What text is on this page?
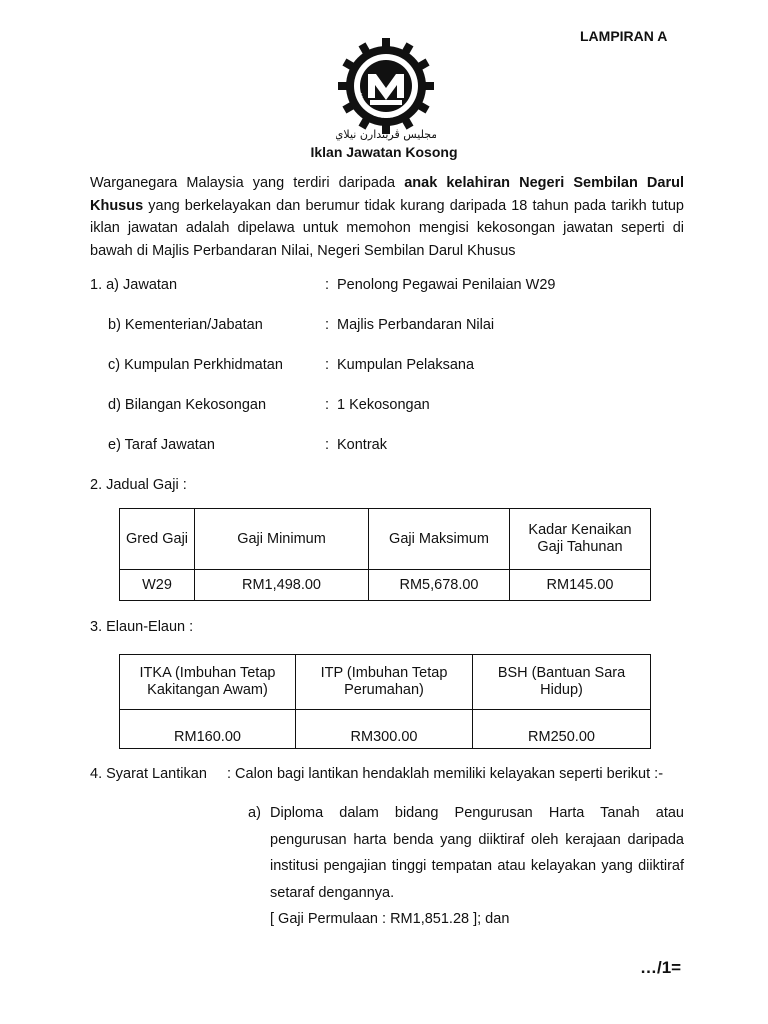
LAMPIRAN A
MAJLIS PERBANDARAN NILAI
مجليس ڤربندارن نيلاي
Iklan Jawatan Kosong

Warganegara Malaysia yang terdiri daripada anak kelahiran Negeri Sembilan Darul Khusus yang berkelayakan dan berumur tidak kurang daripada 18 tahun pada tarikh tutup iklan jawatan adalah dipelawa untuk memohon mengisi kekosongan jawatan seperti di bawah di Majlis Perbandaran Nilai, Negeri Sembilan Darul Khusus

1. a) Jawatan	: Penolong Pegawai Penilaian W29
b) Kementerian/Jabatan	: Majlis Perbandaran Nilai
c) Kumpulan Perkhidmatan	: Kumpulan Pelaksana
d) Bilangan Kekosongan	: 1 Kekosongan
e) Taraf Jawatan	: Kontrak
2. Jadual Gaji :
Gred Gaji	Gaji Minimum	Gaji Maksimum	Kadar Kenaikan Gaji Tahunan
W29	RM1,498.00	RM5,678.00	RM145.00
3. Elaun-Elaun :
ITKA (Imbuhan Tetap Kakitangan Awam)	ITP (Imbuhan Tetap Perumahan)	BSH (Bantuan Sara Hidup)
RM160.00	RM300.00	RM250.00
4. Syarat Lantikan : Calon bagi lantikan hendaklah memiliki kelayakan seperti berikut :-
a) Diploma dalam bidang Pengurusan Harta Tanah atau pengurusan harta benda yang diiktiraf oleh kerajaan daripada institusi pengajian tinggi tempatan atau kelayakan yang diiktiraf setaraf dengannya.
[ Gaji Permulaan : RM1,851.28 ]; dan
…/1=
